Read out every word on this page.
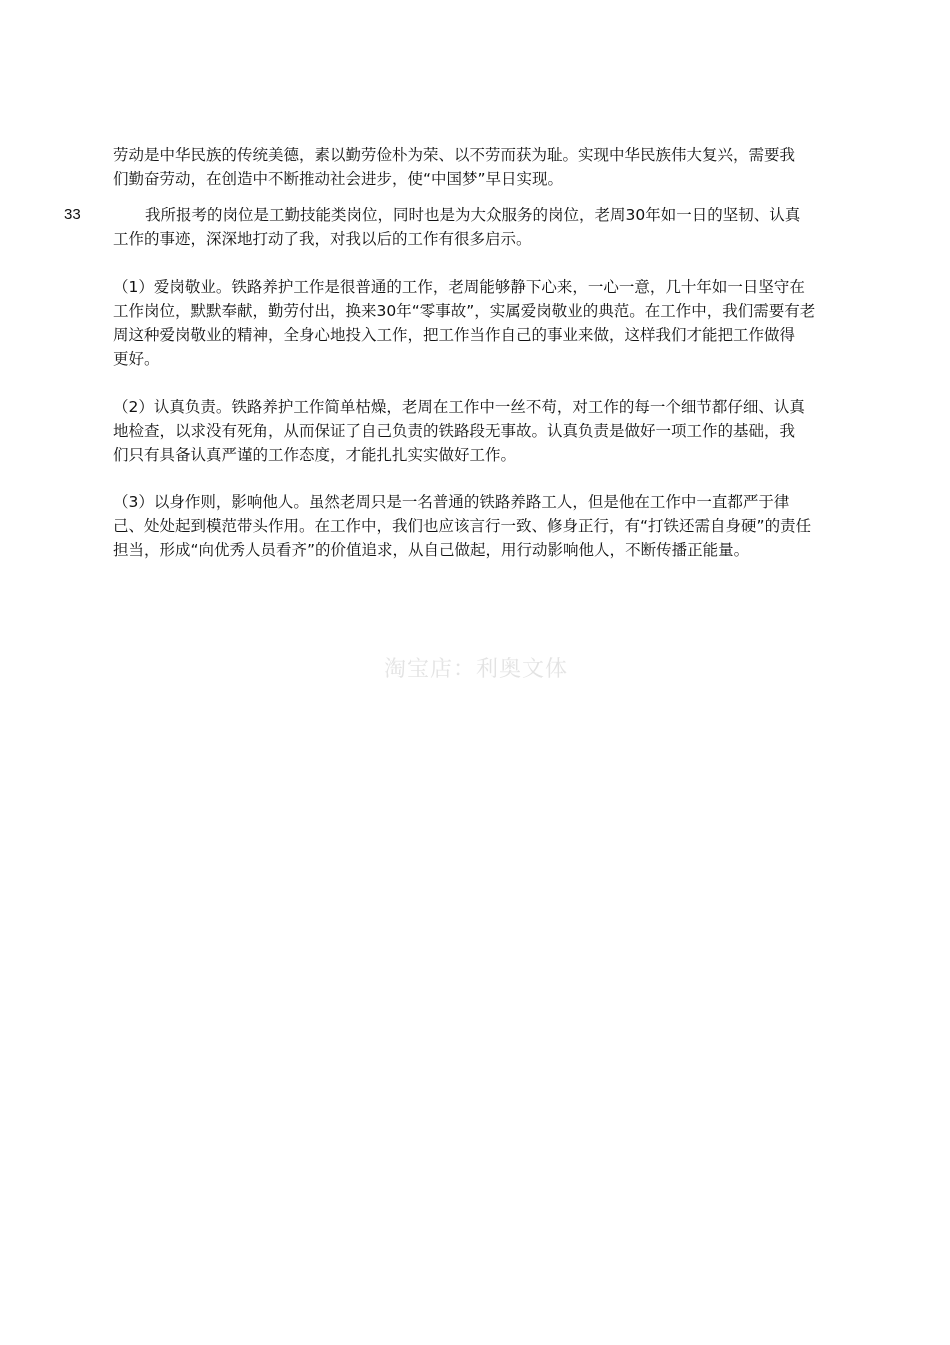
劳动是中华民族的传统美德，素以勤劳俭朴为荣、以不劳而获为耻。实现中华民族伟大复兴，需要我
们勤奋劳动，在创造中不断推动社会进步，使“中国梦”早日实现。
33	我所报考的岗位是工勤技能类岗位，同时也是为大众服务的岗位，老周30年如一日的坚韧、认真
工作的事迹，深深地打动了我，对我以后的工作有很多启示。
（1）爱岗敬业。铁路养护工作是很普通的工作，老周能够静下心来，一心一意，几十年如一日坚守在
工作岗位，默默奉献，勤劳付出，换来30年“零事故”，实属爱岗敬业的典范。在工作中，我们需要有老
周这种爱岗敬业的精神，全身心地投入工作，把工作当作自己的事业来做，这样我们才能把工作做得
更好。
（2）认真负责。铁路养护工作简单枯燥，老周在工作中一丝不苟，对工作的每一个细节都仔细、认真
地检查，以求没有死角，从而保证了自己负责的铁路段无事故。认真负责是做好一项工作的基础，我
们只有具备认真严谨的工作态度，才能扎扎实实做好工作。
（3）以身作则，影响他人。虽然老周只是一名普通的铁路养路工人，但是他在工作中一直都严于律
己、处处起到模范带头作用。在工作中，我们也应该言行一致、修身正行，有“打铁还需自身硬”的责任
担当，形成“向优秀人员看齐”的价值追求，从自己做起，用行动影响他人，不断传播正能量。
淘宝店：利奥文体
